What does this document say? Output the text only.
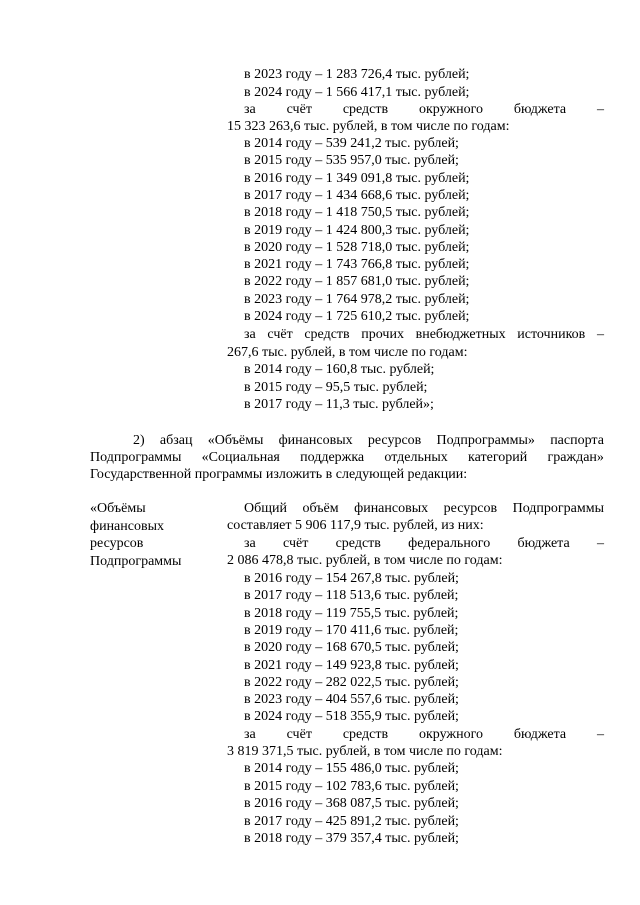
в 2023 году – 1 283 726,4 тыс. рублей;
в 2024 году – 1 566 417,1 тыс. рублей;
за счёт средств окружного бюджета –
15 323 263,6 тыс. рублей, в том числе по годам:
в 2014 году – 539 241,2 тыс. рублей;
в 2015 году – 535 957,0 тыс. рублей;
в 2016 году – 1 349 091,8 тыс. рублей;
в 2017 году – 1 434 668,6 тыс. рублей;
в 2018 году – 1 418 750,5 тыс. рублей;
в 2019 году – 1 424 800,3 тыс. рублей;
в 2020 году – 1 528 718,0 тыс. рублей;
в 2021 году – 1 743 766,8 тыс. рублей;
в 2022 году – 1 857 681,0 тыс. рублей;
в 2023 году – 1 764 978,2 тыс. рублей;
в 2024 году – 1 725 610,2 тыс. рублей;
за счёт средств прочих внебюджетных источников –
267,6 тыс. рублей, в том числе по годам:
в 2014 году – 160,8 тыс. рублей;
в 2015 году – 95,5 тыс. рублей;
в 2017 году – 11,3 тыс. рублей»;
2) абзац «Объёмы финансовых ресурсов Подпрограммы» паспорта
Подпрограммы «Социальная поддержка отдельных категорий граждан»
Государственной программы изложить в следующей редакции:
«Объёмы
финансовых
ресурсов
Подпрограммы
Общий объём финансовых ресурсов Подпрограммы
составляет 5 906 117,9 тыс. рублей, из них:
за счёт средств федерального бюджета –
2 086 478,8 тыс. рублей, в том числе по годам:
в 2016 году – 154 267,8 тыс. рублей;
в 2017 году – 118 513,6 тыс. рублей;
в 2018 году – 119 755,5 тыс. рублей;
в 2019 году – 170 411,6 тыс. рублей;
в 2020 году – 168 670,5 тыс. рублей;
в 2021 году – 149 923,8 тыс. рублей;
в 2022 году – 282 022,5 тыс. рублей;
в 2023 году – 404 557,6 тыс. рублей;
в 2024 году – 518 355,9 тыс. рублей;
за счёт средств окружного бюджета –
3 819 371,5 тыс. рублей, в том числе по годам:
в 2014 году – 155 486,0 тыс. рублей;
в 2015 году – 102 783,6 тыс. рублей;
в 2016 году – 368 087,5 тыс. рублей;
в 2017 году – 425 891,2 тыс. рублей;
в 2018 году – 379 357,4 тыс. рублей;
